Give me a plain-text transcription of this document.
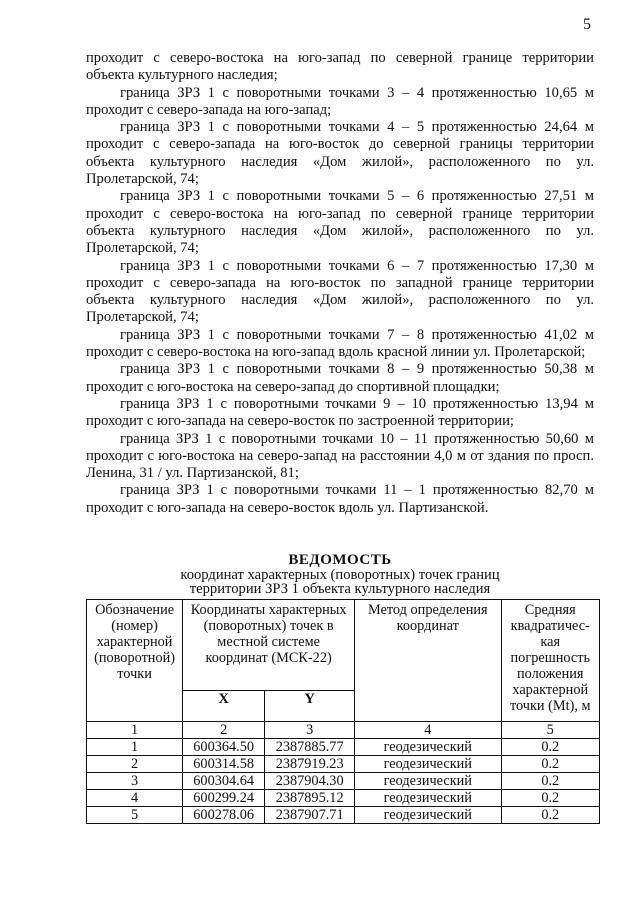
5

проходит с северо-востока на юго-запад по северной границе территории объекта культурного наследия;

граница ЗРЗ 1 с поворотными точками 3 – 4 протяженностью 10,65 м проходит с северо-запада на юго-запад;

граница ЗРЗ 1 с поворотными точками 4 – 5 протяженностью 24,64 м проходит с северо-запада на юго-восток до северной границы территории объекта культурного наследия «Дом жилой», расположенного по ул. Пролетарской, 74;

граница ЗРЗ 1 с поворотными точками 5 – 6 протяженностью 27,51 м проходит с северо-востока на юго-запад по северной границе территории объекта культурного наследия «Дом жилой», расположенного по ул. Пролетарской, 74;

граница ЗРЗ 1 с поворотными точками 6 – 7 протяженностью 17,30 м проходит с северо-запада на юго-восток по западной границе территории объекта культурного наследия «Дом жилой», расположенного по ул. Пролетарской, 74;

граница ЗРЗ 1 с поворотными точками 7 – 8 протяженностью 41,02 м проходит с северо-востока на юго-запад вдоль красной линии ул. Пролетарской;

граница ЗРЗ 1 с поворотными точками 8 – 9 протяженностью 50,38 м проходит с юго-востока на северо-запад до спортивной площадки;

граница ЗРЗ 1 с поворотными точками 9 – 10 протяженностью 13,94 м проходит с юго-запада на северо-восток по застроенной территории;

граница ЗРЗ 1 с поворотными точками 10 – 11 протяженностью 50,60 м проходит с юго-востока на северо-запад на расстоянии 4,0 м от здания по просп. Ленина, 31 / ул. Партизанской, 81;

граница ЗРЗ 1 с поворотными точками 11 – 1 протяженностью 82,70 м проходит с юго-запада на северо-восток вдоль ул. Партизанской.

ВЕДОМОСТЬ
координат характерных (поворотных) точек границ
территории ЗРЗ 1 объекта культурного наследия
Обозначение (номер) характерной (поворотной) точки	Координаты характерных (поворотных) точек в местной системе координат (МСК-22)		Метод определения координат	Средняя квадратичес-кая погрешность положения характерной точки (Mt), м
	X	Y		
1	2	3	4	5
1	600364.50	2387885.77	геодезический	0.2
2	600314.58	2387919.23	геодезический	0.2
3	600304.64	2387904.30	геодезический	0.2
4	600299.24	2387895.12	геодезический	0.2
5	600278.06	2387907.71	геодезический	0.2
